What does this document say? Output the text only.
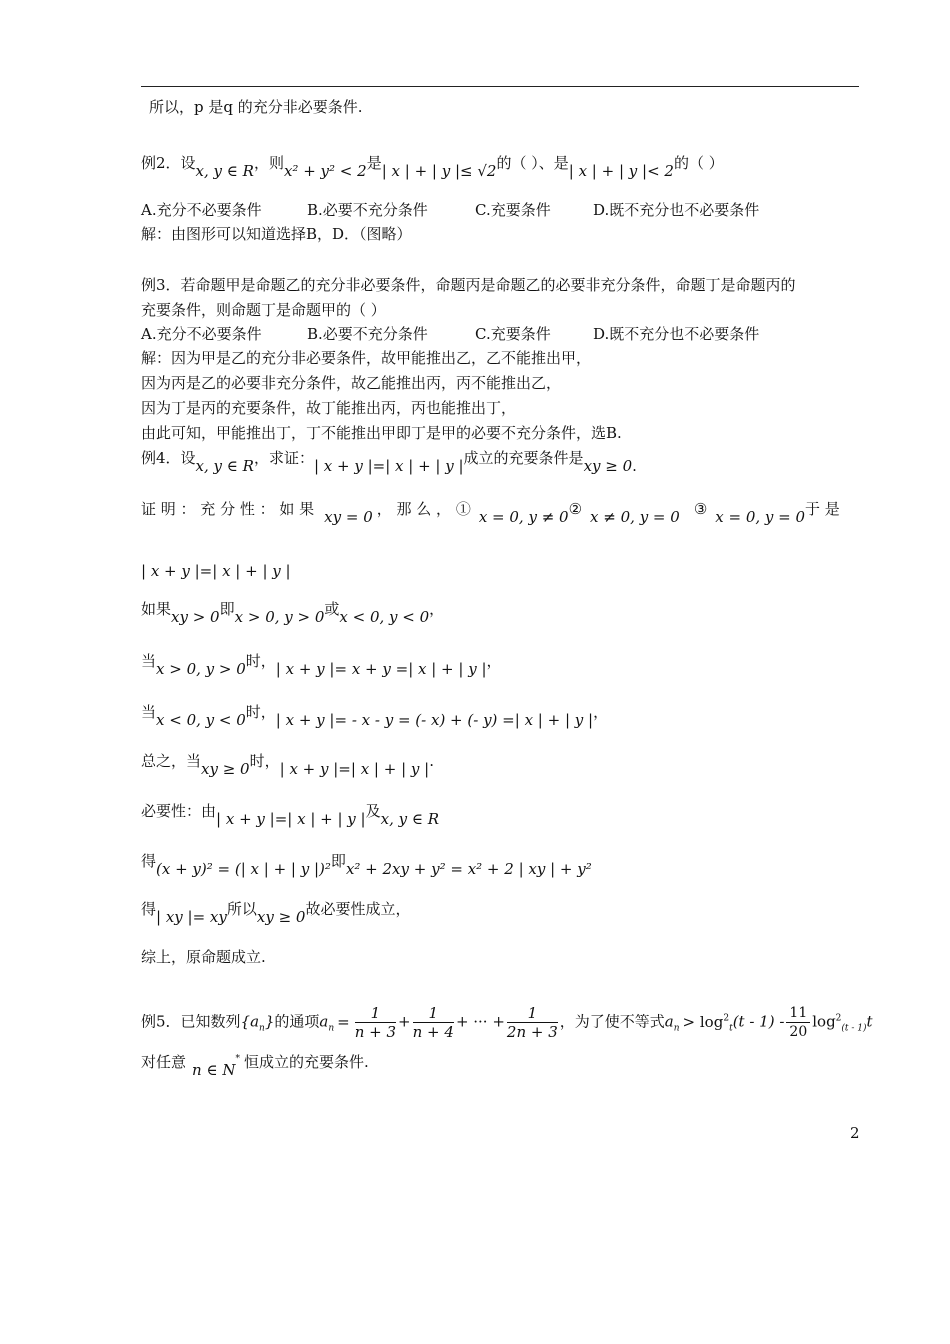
所以，p 是q 的充分非必要条件.
例2．设x, y ∈ R，则x² + y² < 2是| x | + | y |≤ √2的（ ）、是| x | + | y |< 2的（ ）
A.充分不必要条件	B.必要不充分条件	C.充要条件	D.既不充分也不必要条件
解：由图形可以知道选择B，D．（图略）
例3．若命题甲是命题乙的充分非必要条件，命题丙是命题乙的必要非充分条件，命题丁是命题丙的
充要条件，则命题丁是命题甲的（ ）
A.充分不必要条件	B.必要不充分条件	C.充要条件	D.既不充分也不必要条件
解：因为甲是乙的充分非必要条件，故甲能推出乙，乙不能推出甲，
因为丙是乙的必要非充分条件，故乙能推出丙，丙不能推出乙，
因为丁是丙的充要条件，故丁能推出丙，丙也能推出丁，
由此可知，甲能推出丁，丁不能推出甲即丁是甲的必要不充分条件，选B.
例4．设x, y ∈ R，求证：| x + y |=| x | + | y |成立的充要条件是xy ≥ 0.
证 明 ： 充 分 性 ： 如 果 xy = 0 ， 那 么 ， ① x = 0, y ≠ 0② x ≠ 0, y = 0 ③ x = 0, y = 0于 是
| x + y |=| x | + | y |
如果xy > 0即x > 0, y > 0或x < 0, y < 0，
当x > 0, y > 0时，| x + y |= x + y =| x | + | y |，
当x < 0, y < 0时，| x + y |= - x - y = (- x) + (- y) =| x | + | y |，
总之，当xy ≥ 0时，| x + y |=| x | + | y |.
必要性：由| x + y |=| x | + | y |及x, y ∈ R
得(x + y)² = (| x | + | y |)²即x² + 2xy + y² = x² + 2 | xy | + y²
得| xy |= xy所以xy ≥ 0故必要性成立，
综上，原命题成立.
例5．已知数列$\{a_n\}$的通项$a_n = \frac{1}{n + 3} + \frac{1}{n + 4}$ + ··· + $\frac{1}{2n + 3}$ ，为了使不等式$a_n > \log^2_t(t - 1) - \frac{11}{20} \log^2_{(t - 1)}t$
对任意 n ∈ N* 恒成立的充要条件.
2
